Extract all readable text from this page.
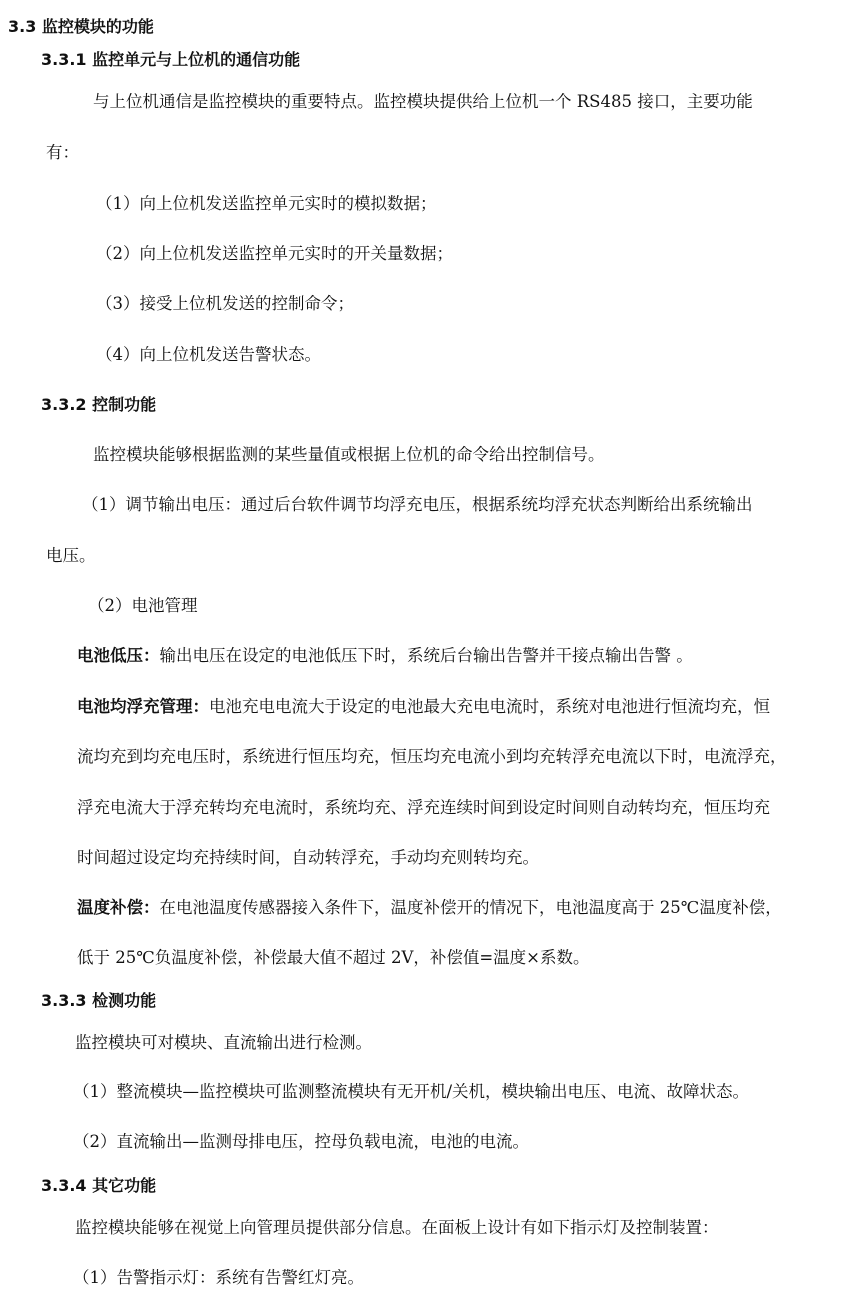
3.3 监控模块的功能
3.3.1 监控单元与上位机的通信功能
与上位机通信是监控模块的重要特点。监控模块提供给上位机一个 RS485 接口，主要功能
有：
（1）向上位机发送监控单元实时的模拟数据；
（2）向上位机发送监控单元实时的开关量数据；
（3）接受上位机发送的控制命令；
（4）向上位机发送告警状态。
3.3.2 控制功能
监控模块能够根据监测的某些量值或根据上位机的命令给出控制信号。
（1）调节输出电压：通过后台软件调节均浮充电压，根据系统均浮充状态判断给出系统输出
电压。
（2）电池管理
电池低压：输出电压在设定的电池低压下时，系统后台输出告警并干接点输出告警 。
电池均浮充管理：电池充电电流大于设定的电池最大充电电流时，系统对电池进行恒流均充，恒
流均充到均充电压时，系统进行恒压均充，恒压均充电流小到均充转浮充电流以下时，电流浮充，
浮充电流大于浮充转均充电流时，系统均充、浮充连续时间到设定时间则自动转均充，恒压均充
时间超过设定均充持续时间，自动转浮充，手动均充则转均充。
温度补偿：在电池温度传感器接入条件下，温度补偿开的情况下，电池温度高于 25℃温度补偿，
低于 25℃负温度补偿，补偿最大值不超过 2V，补偿值=温度×系数。
3.3.3 检测功能
监控模块可对模块、直流输出进行检测。
（1）整流模块—监控模块可监测整流模块有无开机/关机，模块输出电压、电流、故障状态。
（2）直流输出—监测母排电压，控母负载电流，电池的电流。
3.3.4 其它功能
监控模块能够在视觉上向管理员提供部分信息。在面板上设计有如下指示灯及控制装置：
（1）告警指示灯：系统有告警红灯亮。
